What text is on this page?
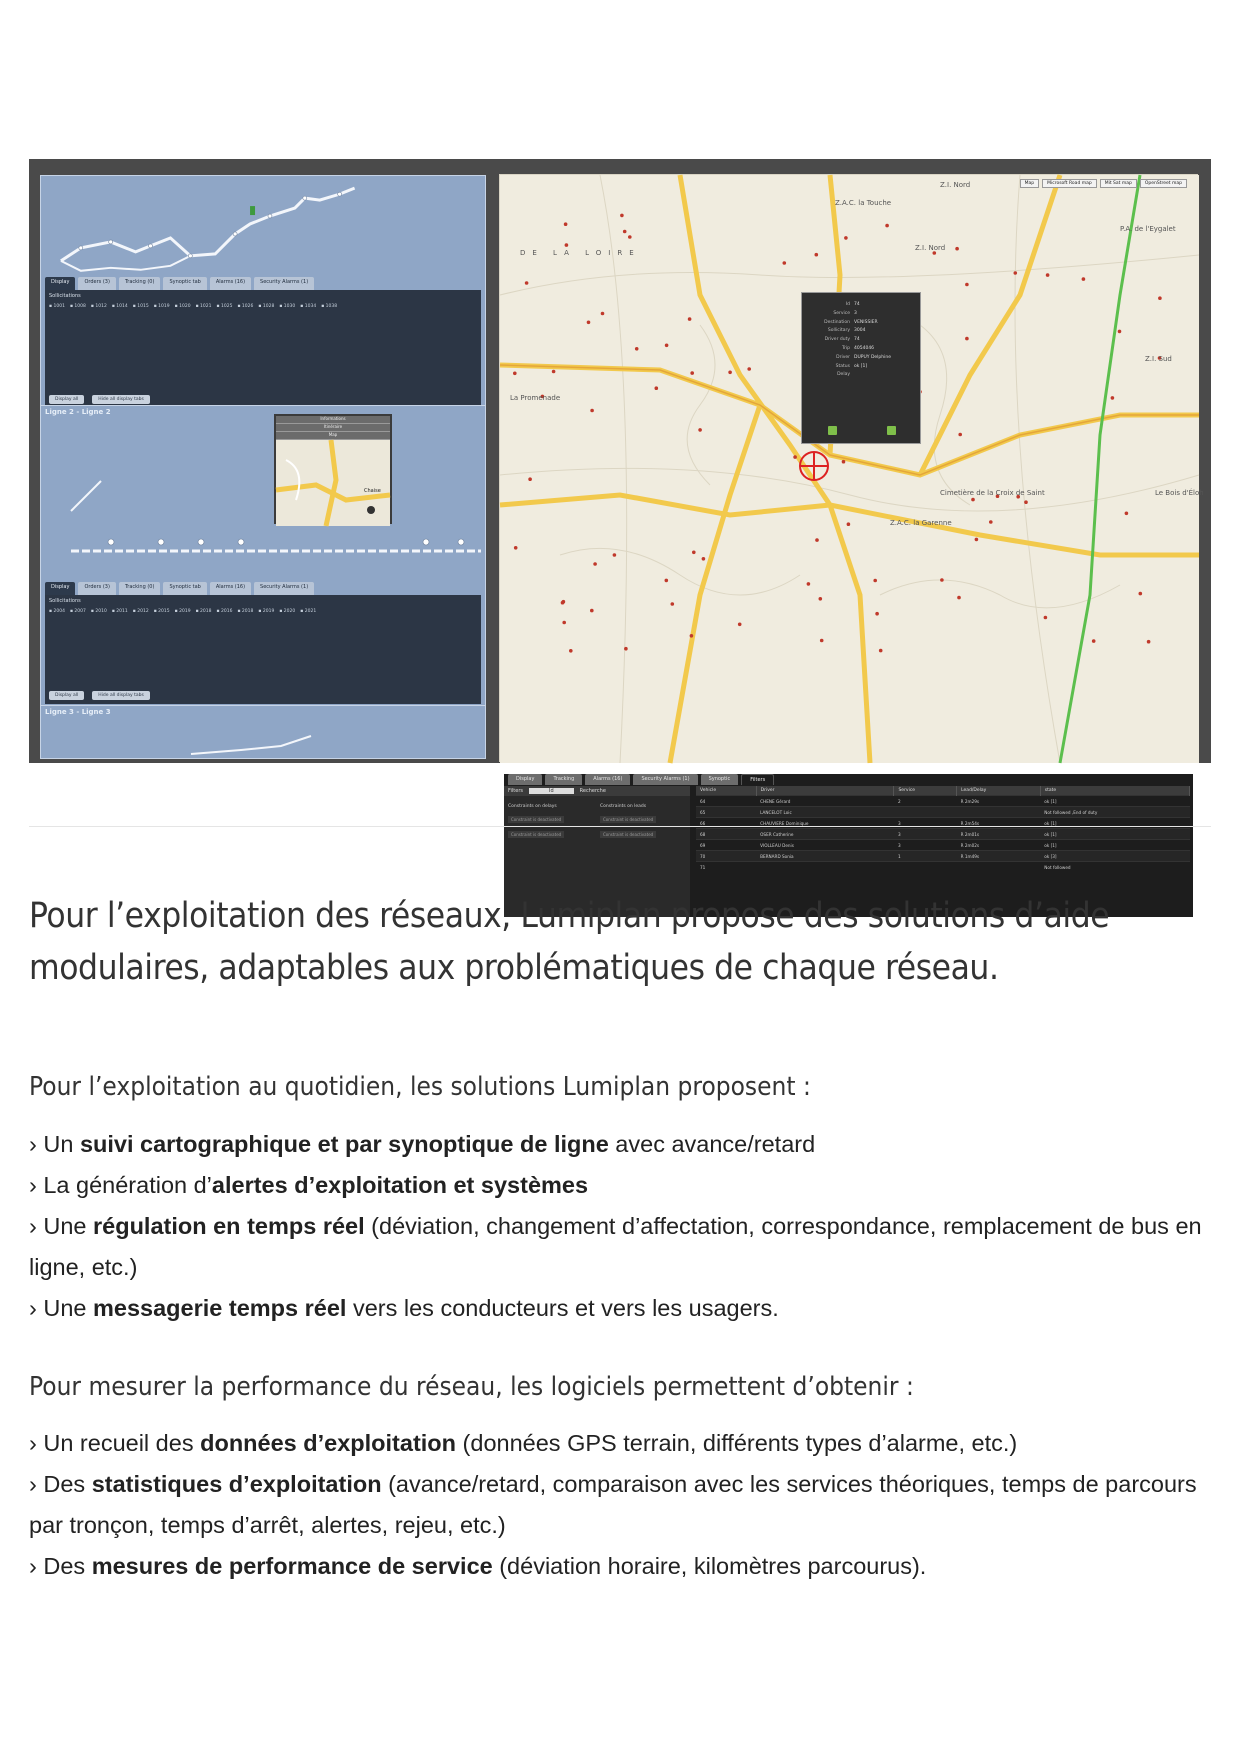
Display	Orders (3)	Tracking (0)	Synoptic tab	Alarms (16)	Security Alarms (1)
Sollicitations
▪ 1001 ▪ 1008 ▪ 1012 ▪ 1014 ▪ 1015 ▪ 1019 ▪ 1020 ▪ 1021 ▪ 1025 ▪ 1026 ▪ 1028 ▪ 1030 ▪ 1034 ▪ 1038
Display all	Hide all display tabs
Ligne 2 - Ligne 2
Display	Orders (3)	Tracking (0)	Synoptic tab	Alarms (16)	Security Alarms (1)
Sollicitations
▪ 2004 ▪ 2007 ▪ 2010 ▪ 2011 ▪ 2012 ▪ 2015 ▪ 2019 ▪ 2018 ▪ 2016 ▪ 2018 ▪ 2019 ▪ 2020 ▪ 2021
Display all	Hide all display tabs
Ligne 3 - Ligne 3
Informations
Itinéraire
Map
Chaise
DE LA LOIRE
Z.A.C. la Touche
Z.I. Nord
Z.I. Nord
P.A. de l'Eygalet
La Promenade
Cimetière de la Croix de Saint
Z.A.C. la Garenne
Le Bois d'Éloh
Z.I. Sud
Map	Microsoft Road map	Mit Sat map	OpenStreet map
Id 74
Service 3
Destination VENISSIER
Sollicitary 3004
Driver duty 74
Trip 4054046
Driver DUPUY Delphine
Status ok [1]
Delay
Display	Tracking	Alarms (16)	Security Alarms (1)	Synoptic	Filters
Filters	Id	Recherche
Constraints on delays	Constraints on leads
Constraint is deactivated	Constraint is deactivated
Constraint is deactivated	Constraint is deactivated
Vehicle	Driver	Service	Lead/Delay	state
64	CHENE Gérard	2	R 2m29s	ok [1]
65	LANCELOT Loic			Not followed ,End of duty
66	CHAUVIERE Dominique	3	R 2m54s	ok [1]
68	OSER Catherine	3	R 2m01s	ok [1]
69	VIOLLEAU Denis	3	R 2m02s	ok [1]
70	BERNARD Sonia	1	R 1m49s	ok [3]
71				Not followed
Pour l’exploitation des réseaux, Lumiplan propose des solutions d’aide modulaires, adaptables aux problématiques de chaque réseau.

Pour l’exploitation au quotidien, les solutions Lumiplan proposent :

› Un suivi cartographique et par synoptique de ligne avec avance/retard
› La génération d’alertes d’exploitation et systèmes
› Une régulation en temps réel (déviation, changement d’affectation, correspondance, remplacement de bus en ligne, etc.)
› Une messagerie temps réel vers les conducteurs et vers les usagers.

Pour mesurer la performance du réseau, les logiciels permettent d’obtenir :

› Un recueil des données d’exploitation (données GPS terrain, différents types d’alarme, etc.)
› Des statistiques d’exploitation (avance/retard, comparaison avec les services théoriques, temps de parcours par tronçon, temps d’arrêt, alertes, rejeu, etc.)
› Des mesures de performance de service (déviation horaire, kilomètres parcourus).
